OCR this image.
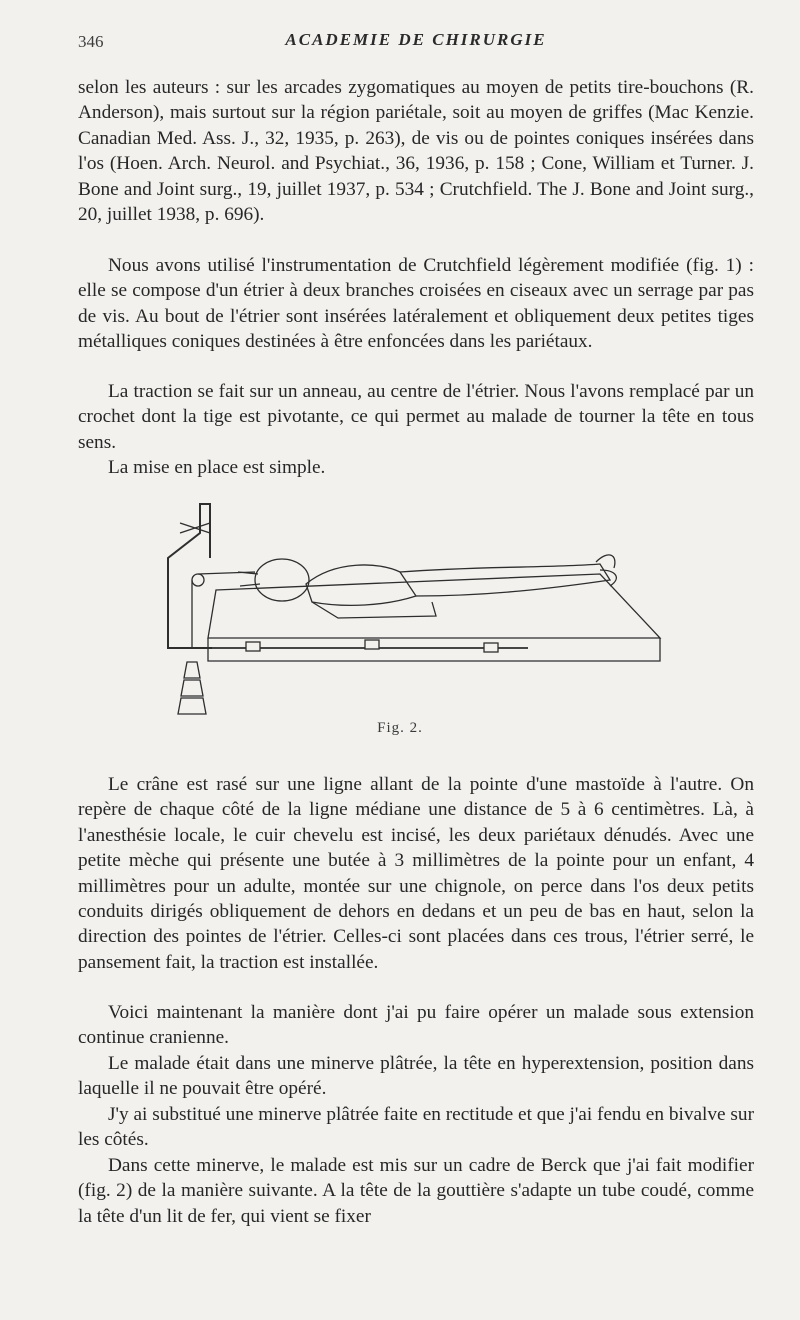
346	ACADEMIE DE CHIRURGIE

selon les auteurs : sur les arcades zygomatiques au moyen de petits tire-bouchons (R. Anderson), mais surtout sur la région pariétale, soit au moyen de griffes (Mac Kenzie. Canadian Med. Ass. J., 32, 1935, p. 263), de vis ou de pointes coniques insérées dans l'os (Hoen. Arch. Neurol. and Psychiat., 36, 1936, p. 158 ; Cone, William et Turner. J. Bone and Joint surg., 19, juillet 1937, p. 534 ; Crutchfield. The J. Bone and Joint surg., 20, juillet 1938, p. 696).

Nous avons utilisé l'instrumentation de Crutchfield légèrement modifiée (fig. 1) : elle se compose d'un étrier à deux branches croisées en ciseaux avec un serrage par pas de vis. Au bout de l'étrier sont insérées latéralement et obliquement deux petites tiges métalliques coniques destinées à être enfoncées dans les pariétaux.

La traction se fait sur un anneau, au centre de l'étrier. Nous l'avons remplacé par un crochet dont la tige est pivotante, ce qui permet au malade de tourner la tête en tous sens.

La mise en place est simple.

Fig. 2.

Le crâne est rasé sur une ligne allant de la pointe d'une mastoïde à l'autre. On repère de chaque côté de la ligne médiane une distance de 5 à 6 centimètres. Là, à l'anesthésie locale, le cuir chevelu est incisé, les deux pariétaux dénudés. Avec une petite mèche qui présente une butée à 3 millimètres de la pointe pour un enfant, 4 millimètres pour un adulte, montée sur une chignole, on perce dans l'os deux petits conduits dirigés obliquement de dehors en dedans et un peu de bas en haut, selon la direction des pointes de l'étrier. Celles-ci sont placées dans ces trous, l'étrier serré, le pansement fait, la traction est installée.

Voici maintenant la manière dont j'ai pu faire opérer un malade sous extension continue cranienne.

Le malade était dans une minerve plâtrée, la tête en hyperextension, position dans laquelle il ne pouvait être opéré.

J'y ai substitué une minerve plâtrée faite en rectitude et que j'ai fendu en bivalve sur les côtés.

Dans cette minerve, le malade est mis sur un cadre de Berck que j'ai fait modifier (fig. 2) de la manière suivante. A la tête de la gouttière s'adapte un tube coudé, comme la tête d'un lit de fer, qui vient se fixer
